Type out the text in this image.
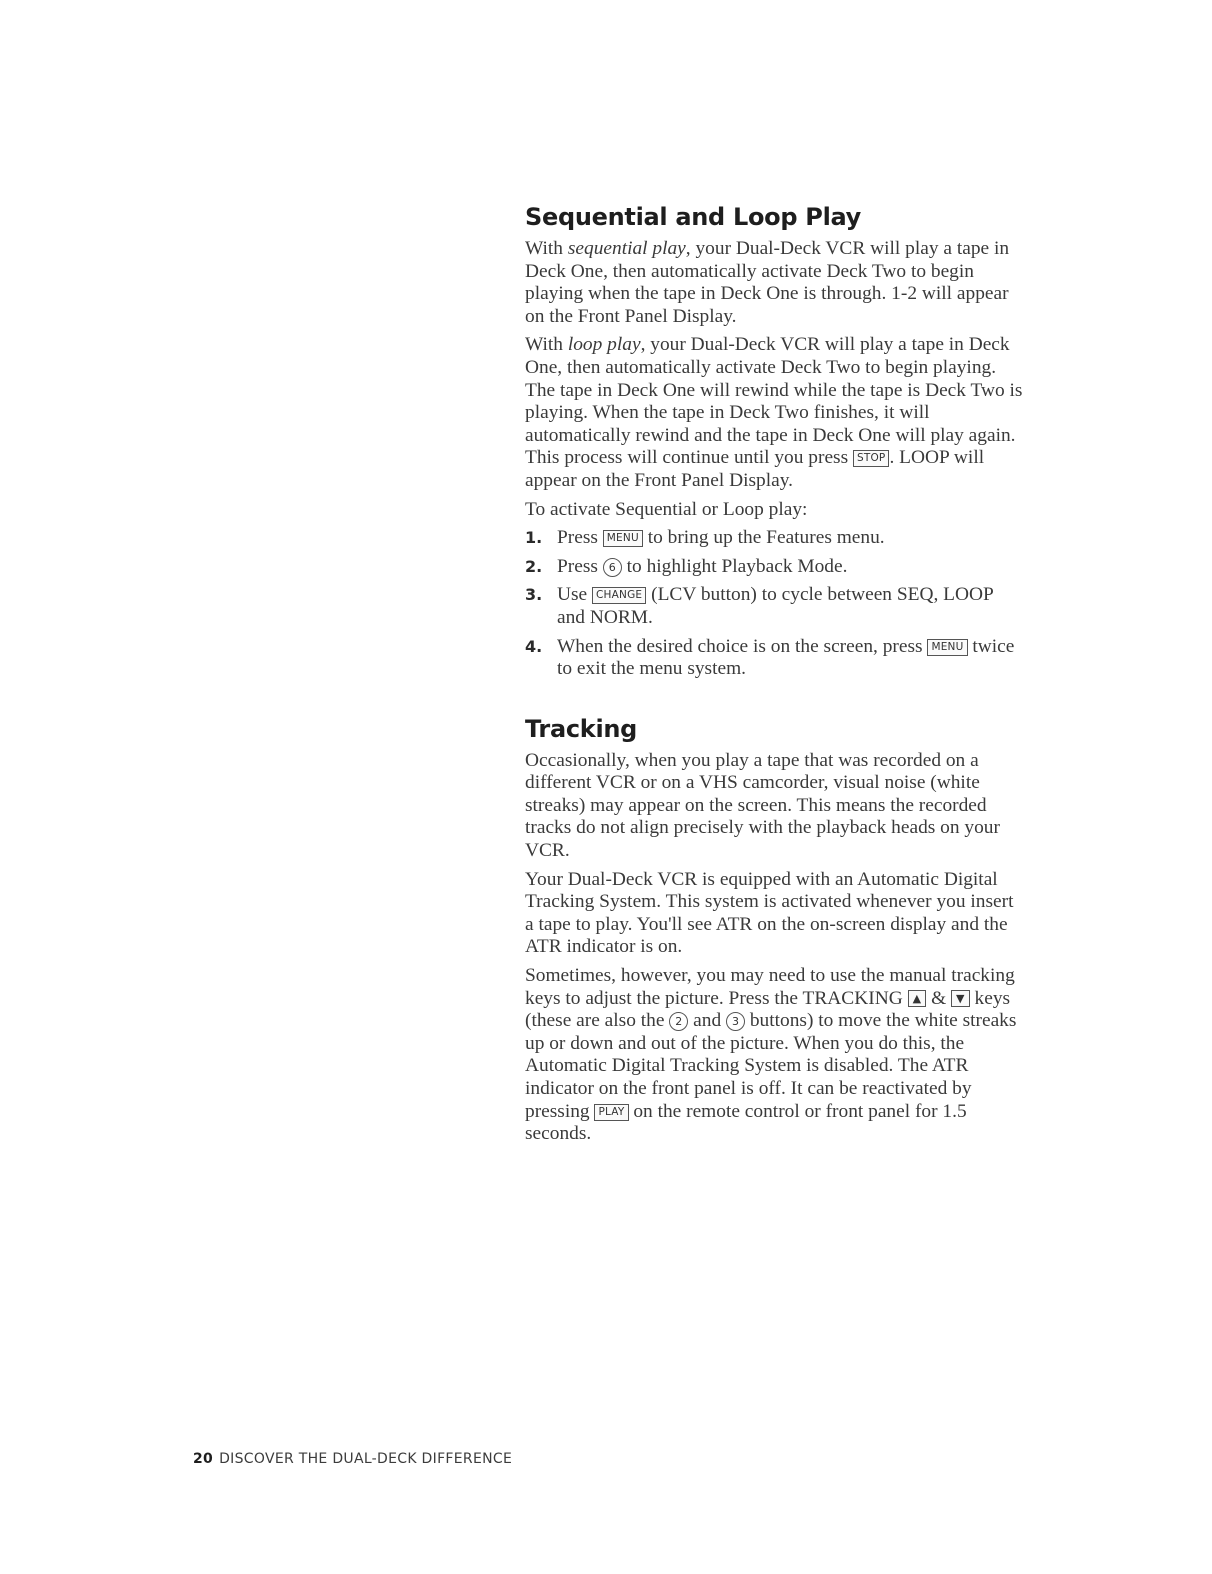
Sequential and Loop Play

With sequential play, your Dual-Deck VCR will play a tape in Deck One, then automatically activate Deck Two to begin playing when the tape in Deck One is through. 1-2 will appear on the Front Panel Display.

With loop play, your Dual-Deck VCR will play a tape in Deck One, then automatically activate Deck Two to begin playing. The tape in Deck One will rewind while the tape is Deck Two is playing. When the tape in Deck Two finishes, it will automatically rewind and the tape in Deck One will play again. This process will continue until you press STOP . LOOP will appear on the Front Panel Display.

To activate Sequential or Loop play:

1. Press MENU to bring up the Features menu.
2. Press 6 to highlight Playback Mode.
3. Use CHANGE (LCV button) to cycle between SEQ, LOOP and NORM.
4. When the desired choice is on the screen, press MENU twice to exit the menu system.
Tracking

Occasionally, when you play a tape that was recorded on a different VCR or on a VHS camcorder, visual noise (white streaks) may appear on the screen. This means the recorded tracks do not align precisely with the playback heads on your VCR.

Your Dual-Deck VCR is equipped with an Automatic Digital Tracking System. This system is activated whenever you insert a tape to play. You'll see ATR on the on-screen display and the ATR indicator is on.

Sometimes, however, you may need to use the manual tracking keys to adjust the picture. Press the TRACKING ▲ & ▼ keys (these are also the 2 and 3 buttons) to move the white streaks up or down and out of the picture. When you do this, the Automatic Digital Tracking System is disabled. The ATR indicator on the front panel is off. It can be reactivated by pressing PLAY on the remote control or front panel for 1.5 seconds.

20 DISCOVER THE DUAL-DECK DIFFERENCE
